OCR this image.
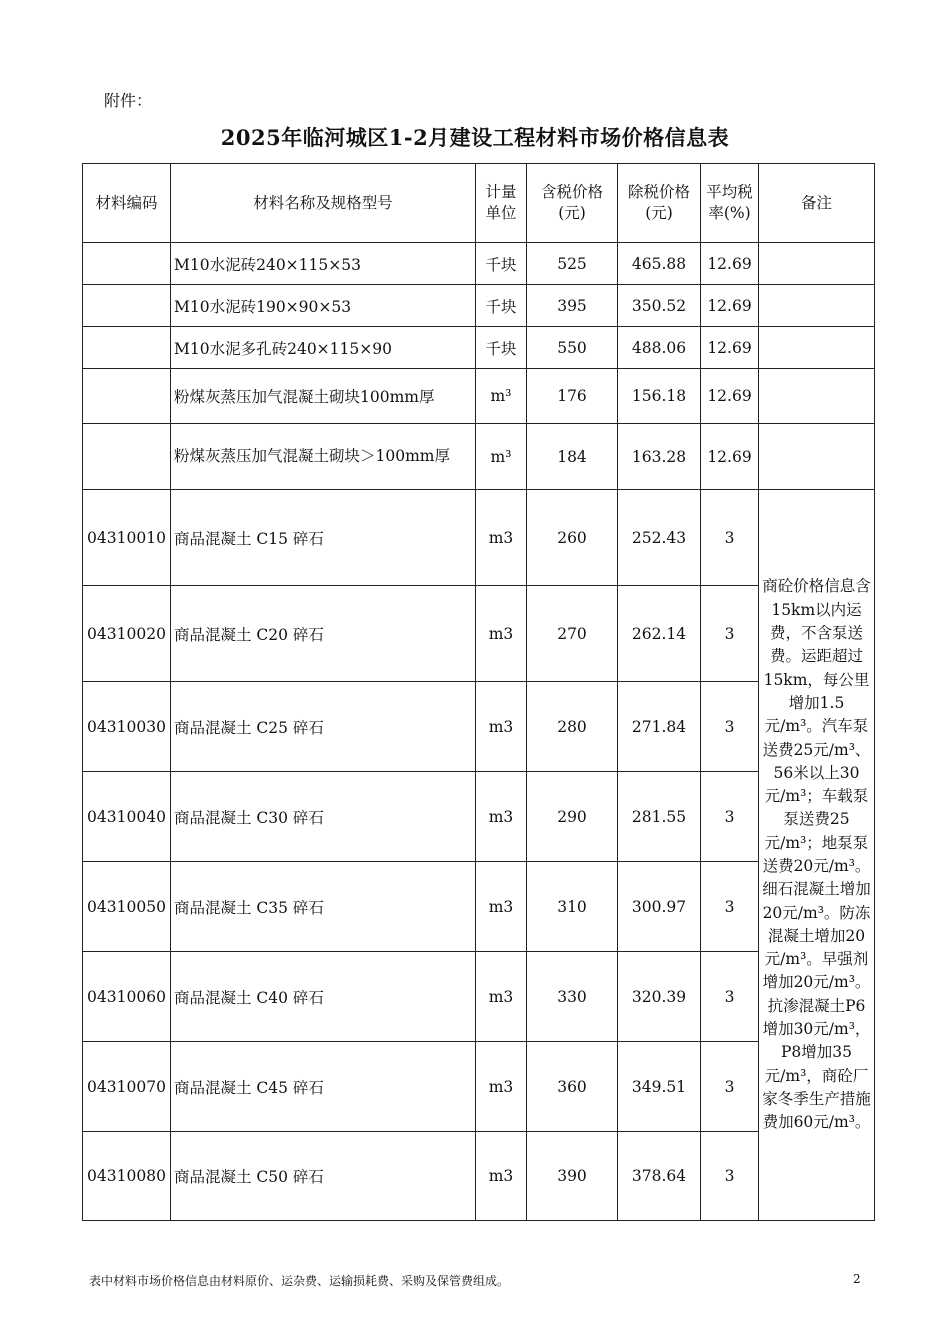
附件：
2025年临河城区1-2月建设工程材料市场价格信息表
材料编码	材料名称及规格型号	计量单位	含税价格(元)	除税价格(元)	平均税率(%)	备注
	M10水泥砖240×115×53	千块	525	465.88	12.69	
	M10水泥砖190×90×53	千块	395	350.52	12.69	
	M10水泥多孔砖240×115×90	千块	550	488.06	12.69	
	粉煤灰蒸压加气混凝土砌块100mm厚	m³	176	156.18	12.69	
	粉煤灰蒸压加气混凝土砌块＞100mm厚	m³	184	163.28	12.69	
04310010	商品混凝土 C15 碎石	m3	260	252.43	3	商砼价格信息含15km以内运费，不含泵送费。运距超过15km，每公里增加1.5元/m³。汽车泵送费25元/m³、56米以上30元/m³；车载泵泵送费25元/m³；地泵泵送费20元/m³。细石混凝土增加20元/m³。防冻混凝土增加20元/m³。早强剂增加20元/m³。抗渗混凝土P6增加30元/m³，P8增加35元/m³，商砼厂家冬季生产措施费加60元/m³。
04310020	商品混凝土 C20 碎石	m3	270	262.14	3	
04310030	商品混凝土 C25 碎石	m3	280	271.84	3	
04310040	商品混凝土 C30 碎石	m3	290	281.55	3	
04310050	商品混凝土 C35 碎石	m3	310	300.97	3	
04310060	商品混凝土 C40 碎石	m3	330	320.39	3	
04310070	商品混凝土 C45 碎石	m3	360	349.51	3	
04310080	商品混凝土 C50 碎石	m3	390	378.64	3	
表中材料市场价格信息由材料原价、运杂费、运输损耗费、采购及保管费组成。	2
